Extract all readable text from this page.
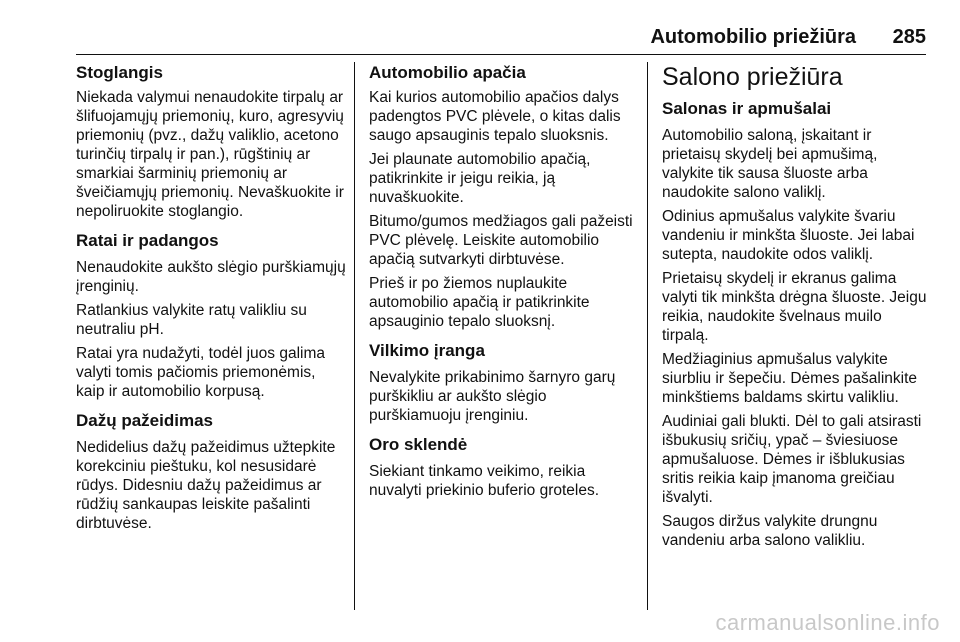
Automobilio priežiūra 285
Stoglangis

Niekada valymui nenaudokite tirpalų ar šlifuojamųjų priemonių, kuro, agresyvių priemonių (pvz., dažų valiklio, acetono turinčių tirpalų ir pan.), rūgštinių ar smarkiai šarminių priemonių ar šveičiamųjų priemonių. Nevaškuokite ir nepoliruokite stoglangio.

Ratai ir padangos

Nenaudokite aukšto slėgio purškiamųjų įrenginių.

Ratlankius valykite ratų valikliu su neutraliu pH.

Ratai yra nudažyti, todėl juos galima valyti tomis pačiomis priemonėmis, kaip ir automobilio korpusą.

Dažų pažeidimas

Nedidelius dažų pažeidimus užtepkite korekciniu pieštuku, kol nesusidarė rūdys. Didesniu dažų pažeidimus ar rūdžių sankaupas leiskite pašalinti dirbtuvėse.

Automobilio apačia

Kai kurios automobilio apačios dalys padengtos PVC plėvele, o kitas dalis saugo apsauginis tepalo sluoksnis.

Jei plaunate automobilio apačią, patikrinkite ir jeigu reikia, ją nuvaškuokite.

Bitumo/gumos medžiagos gali pažeisti PVC plėvelę. Leiskite automobilio apačią sutvarkyti dirbtuvėse.

Prieš ir po žiemos nuplaukite automobilio apačią ir patikrinkite apsauginio tepalo sluoksnį.

Vilkimo įranga

Nevalykite prikabinimo šarnyro garų purškikliu ar aukšto slėgio purškiamuoju įrenginiu.

Oro sklendė

Siekiant tinkamo veikimo, reikia nuvalyti priekinio buferio groteles.

Salono priežiūra
Salonas ir apmušalai

Automobilio saloną, įskaitant ir prietaisų skydelį bei apmušimą, valykite tik sausa šluoste arba naudokite salono valiklį.

Odinius apmušalus valykite švariu vandeniu ir minkšta šluoste. Jei labai sutepta, naudokite odos valiklį.

Prietaisų skydelį ir ekranus galima valyti tik minkšta drėgna šluoste. Jeigu reikia, naudokite švelnaus muilo tirpalą.

Medžiaginius apmušalus valykite siurbliu ir šepečiu. Dėmes pašalinkite minkštiems baldams skirtu valikliu.

Audiniai gali blukti. Dėl to gali atsirasti išbukusių sričių, ypač – šviesiuose apmušaluose. Dėmes ir išblukusias sritis reikia kaip įmanoma greičiau išvalyti.

Saugos diržus valykite drungnu vandeniu arba salono valikliu.

carmanualsonline.info
